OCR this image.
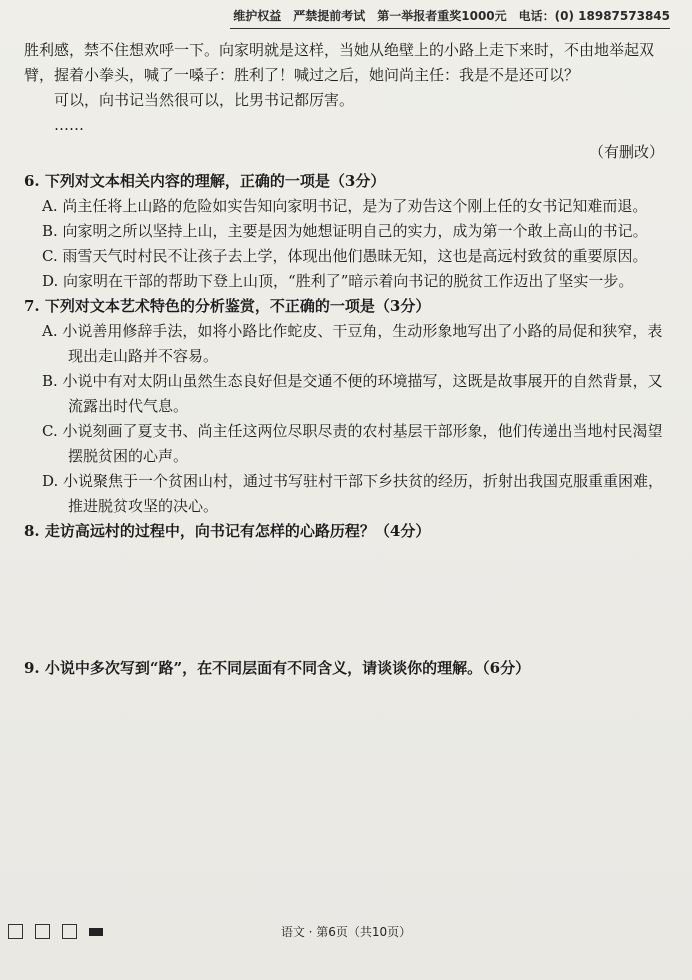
维护权益　严禁提前考试　第一举报者重奖1000元　电话：(0) 18987573845

胜利感，禁不住想欢呼一下。向家明就是这样，当她从绝壁上的小路上走下来时，不由地举起双臂，握着小拳头，喊了一嗓子：胜利了！喊过之后，她问尚主任：我是不是还可以？

可以，向书记当然很可以，比男书记都厉害。

……

（有删改）

6. 下列对文本相关内容的理解，正确的一项是（3分）

A. 尚主任将上山路的危险如实告知向家明书记，是为了劝告这个刚上任的女书记知难而退。

B. 向家明之所以坚持上山，主要是因为她想证明自己的实力，成为第一个敢上高山的书记。

C. 雨雪天气时村民不让孩子去上学，体现出他们愚昧无知，这也是高远村致贫的重要原因。

D. 向家明在干部的帮助下登上山顶，“胜利了”暗示着向书记的脱贫工作迈出了坚实一步。

7. 下列对文本艺术特色的分析鉴赏，不正确的一项是（3分）

A. 小说善用修辞手法，如将小路比作蛇皮、干豆角，生动形象地写出了小路的局促和狭窄，表现出走山路并不容易。

B. 小说中有对太阴山虽然生态良好但是交通不便的环境描写，这既是故事展开的自然背景，又流露出时代气息。

C. 小说刻画了夏支书、尚主任这两位尽职尽责的农村基层干部形象，他们传递出当地村民渴望摆脱贫困的心声。

D. 小说聚焦于一个贫困山村，通过书写驻村干部下乡扶贫的经历，折射出我国克服重重困难，推进脱贫攻坚的决心。

8. 走访高远村的过程中，向书记有怎样的心路历程？（4分）

9. 小说中多次写到“路”，在不同层面有不同含义，请谈谈你的理解。（6分）

语文 · 第6页（共10页）
